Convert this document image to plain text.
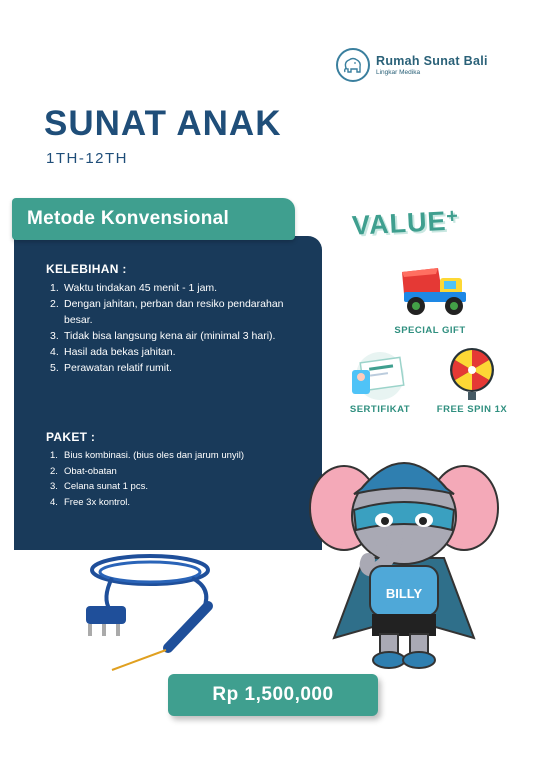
Rumah Sunat Bali
Lingkar Medika
SUNAT ANAK
1TH-12TH
Metode Konvensional
KELEBIHAN :
1. Waktu tindakan 45 menit - 1 jam.
2. Dengan jahitan, perban dan resiko pendarahan besar.
3. Tidak bisa langsung kena air (minimal 3 hari).
4. Hasil ada bekas jahitan.
5. Perawatan relatif rumit.
PAKET :
1. Bius kombinasi. (bius oles dan jarum unyil)
2. Obat-obatan
3. Celana sunat 1 pcs.
4. Free 3x kontrol.
VALUE+
SPECIAL GIFT
SERTIFIKAT	FREE SPIN 1X
BILLY
Rp 1,500,000
